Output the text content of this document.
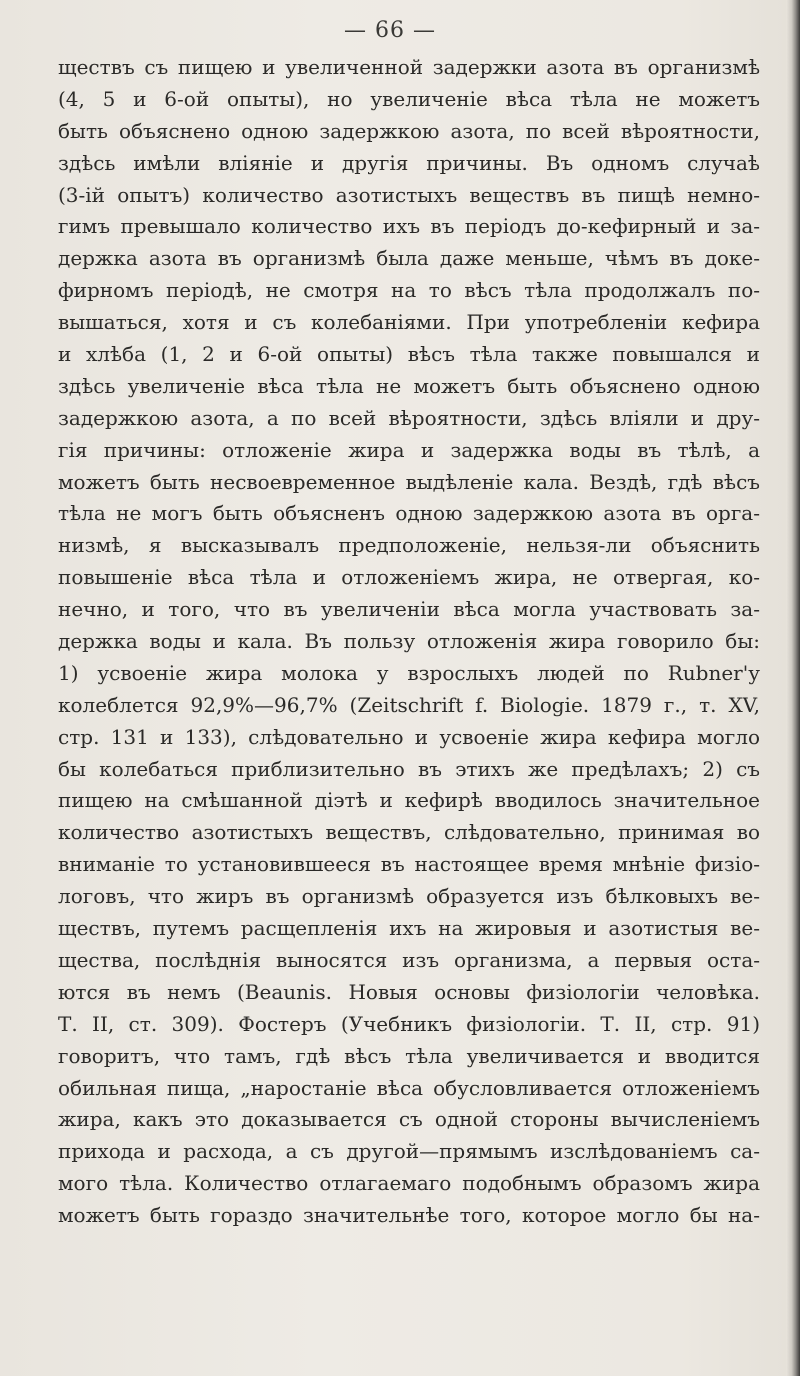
— 66 —
ществъ съ пищею и увеличенной задержки азота въ организмѣ
(4, 5 и 6-ой опыты), но увеличеніе вѣса тѣла не можетъ
быть объяснено одною задержкою азота, по всей вѣроятности,
здѣсь имѣли вліяніе и другія причины. Въ одномъ случаѣ
(3-ій опытъ) количество азотистыхъ веществъ въ пищѣ немно-
гимъ превышало количество ихъ въ періодъ до-кефирный и за-
держка азота въ организмѣ была даже меньше, чѣмъ въ доке-
фирномъ періодѣ, не смотря на то вѣсъ тѣла продолжалъ по-
вышаться, хотя и съ колебаніями. При употребленіи кефира
и хлѣба (1, 2 и 6-ой опыты) вѣсъ тѣла также повышался и
здѣсь увеличеніе вѣса тѣла не можетъ быть объяснено одною
задержкою азота, а по всей вѣроятности, здѣсь вліяли и дру-
гія причины: отложеніе жира и задержка воды въ тѣлѣ, а
можетъ быть несвоевременное выдѣленіе кала. Вездѣ, гдѣ вѣсъ
тѣла не могъ быть объясненъ одною задержкою азота въ орга-
низмѣ, я высказывалъ предположеніе, нельзя-ли объяснить
повышеніе вѣса тѣла и отложеніемъ жира, не отвергая, ко-
нечно, и того, что въ увеличеніи вѣса могла участвовать за-
держка воды и кала. Въ пользу отложенія жира говорило бы:
1) усвоеніе жира молока у взрослыхъ людей по Rubner'у
колеблется 92,9%—96,7% (Zeitschrift f. Biologie. 1879 г., т. XV,
стр. 131 и 133), слѣдовательно и усвоеніе жира кефира могло
бы колебаться приблизительно въ этихъ же предѣлахъ; 2) съ
пищею на смѣшанной діэтѣ и кефирѣ вводилось значительное
количество азотистыхъ веществъ, слѣдовательно, принимая во
вниманіе то установившееся въ настоящее время мнѣніе физіо-
логовъ, что жиръ въ организмѣ образуется изъ бѣлковыхъ ве-
ществъ, путемъ расщепленія ихъ на жировыя и азотистыя ве-
щества, послѣднія выносятся изъ организма, а первыя оста-
ются въ немъ (Beaunis. Новыя основы физіологіи человѣка.
Т. II, ст. 309). Фостеръ (Учебникъ физіологіи. Т. II, стр. 91)
говоритъ, что тамъ, гдѣ вѣсъ тѣла увеличивается и вводится
обильная пища, „наростаніе вѣса обусловливается отложеніемъ
жира, какъ это доказывается съ одной стороны вычисленіемъ
прихода и расхода, а съ другой—прямымъ изслѣдованіемъ са-
мого тѣла. Количество отлагаемаго подобнымъ образомъ жира
можетъ быть гораздо значительнѣе того, которое могло бы на-
